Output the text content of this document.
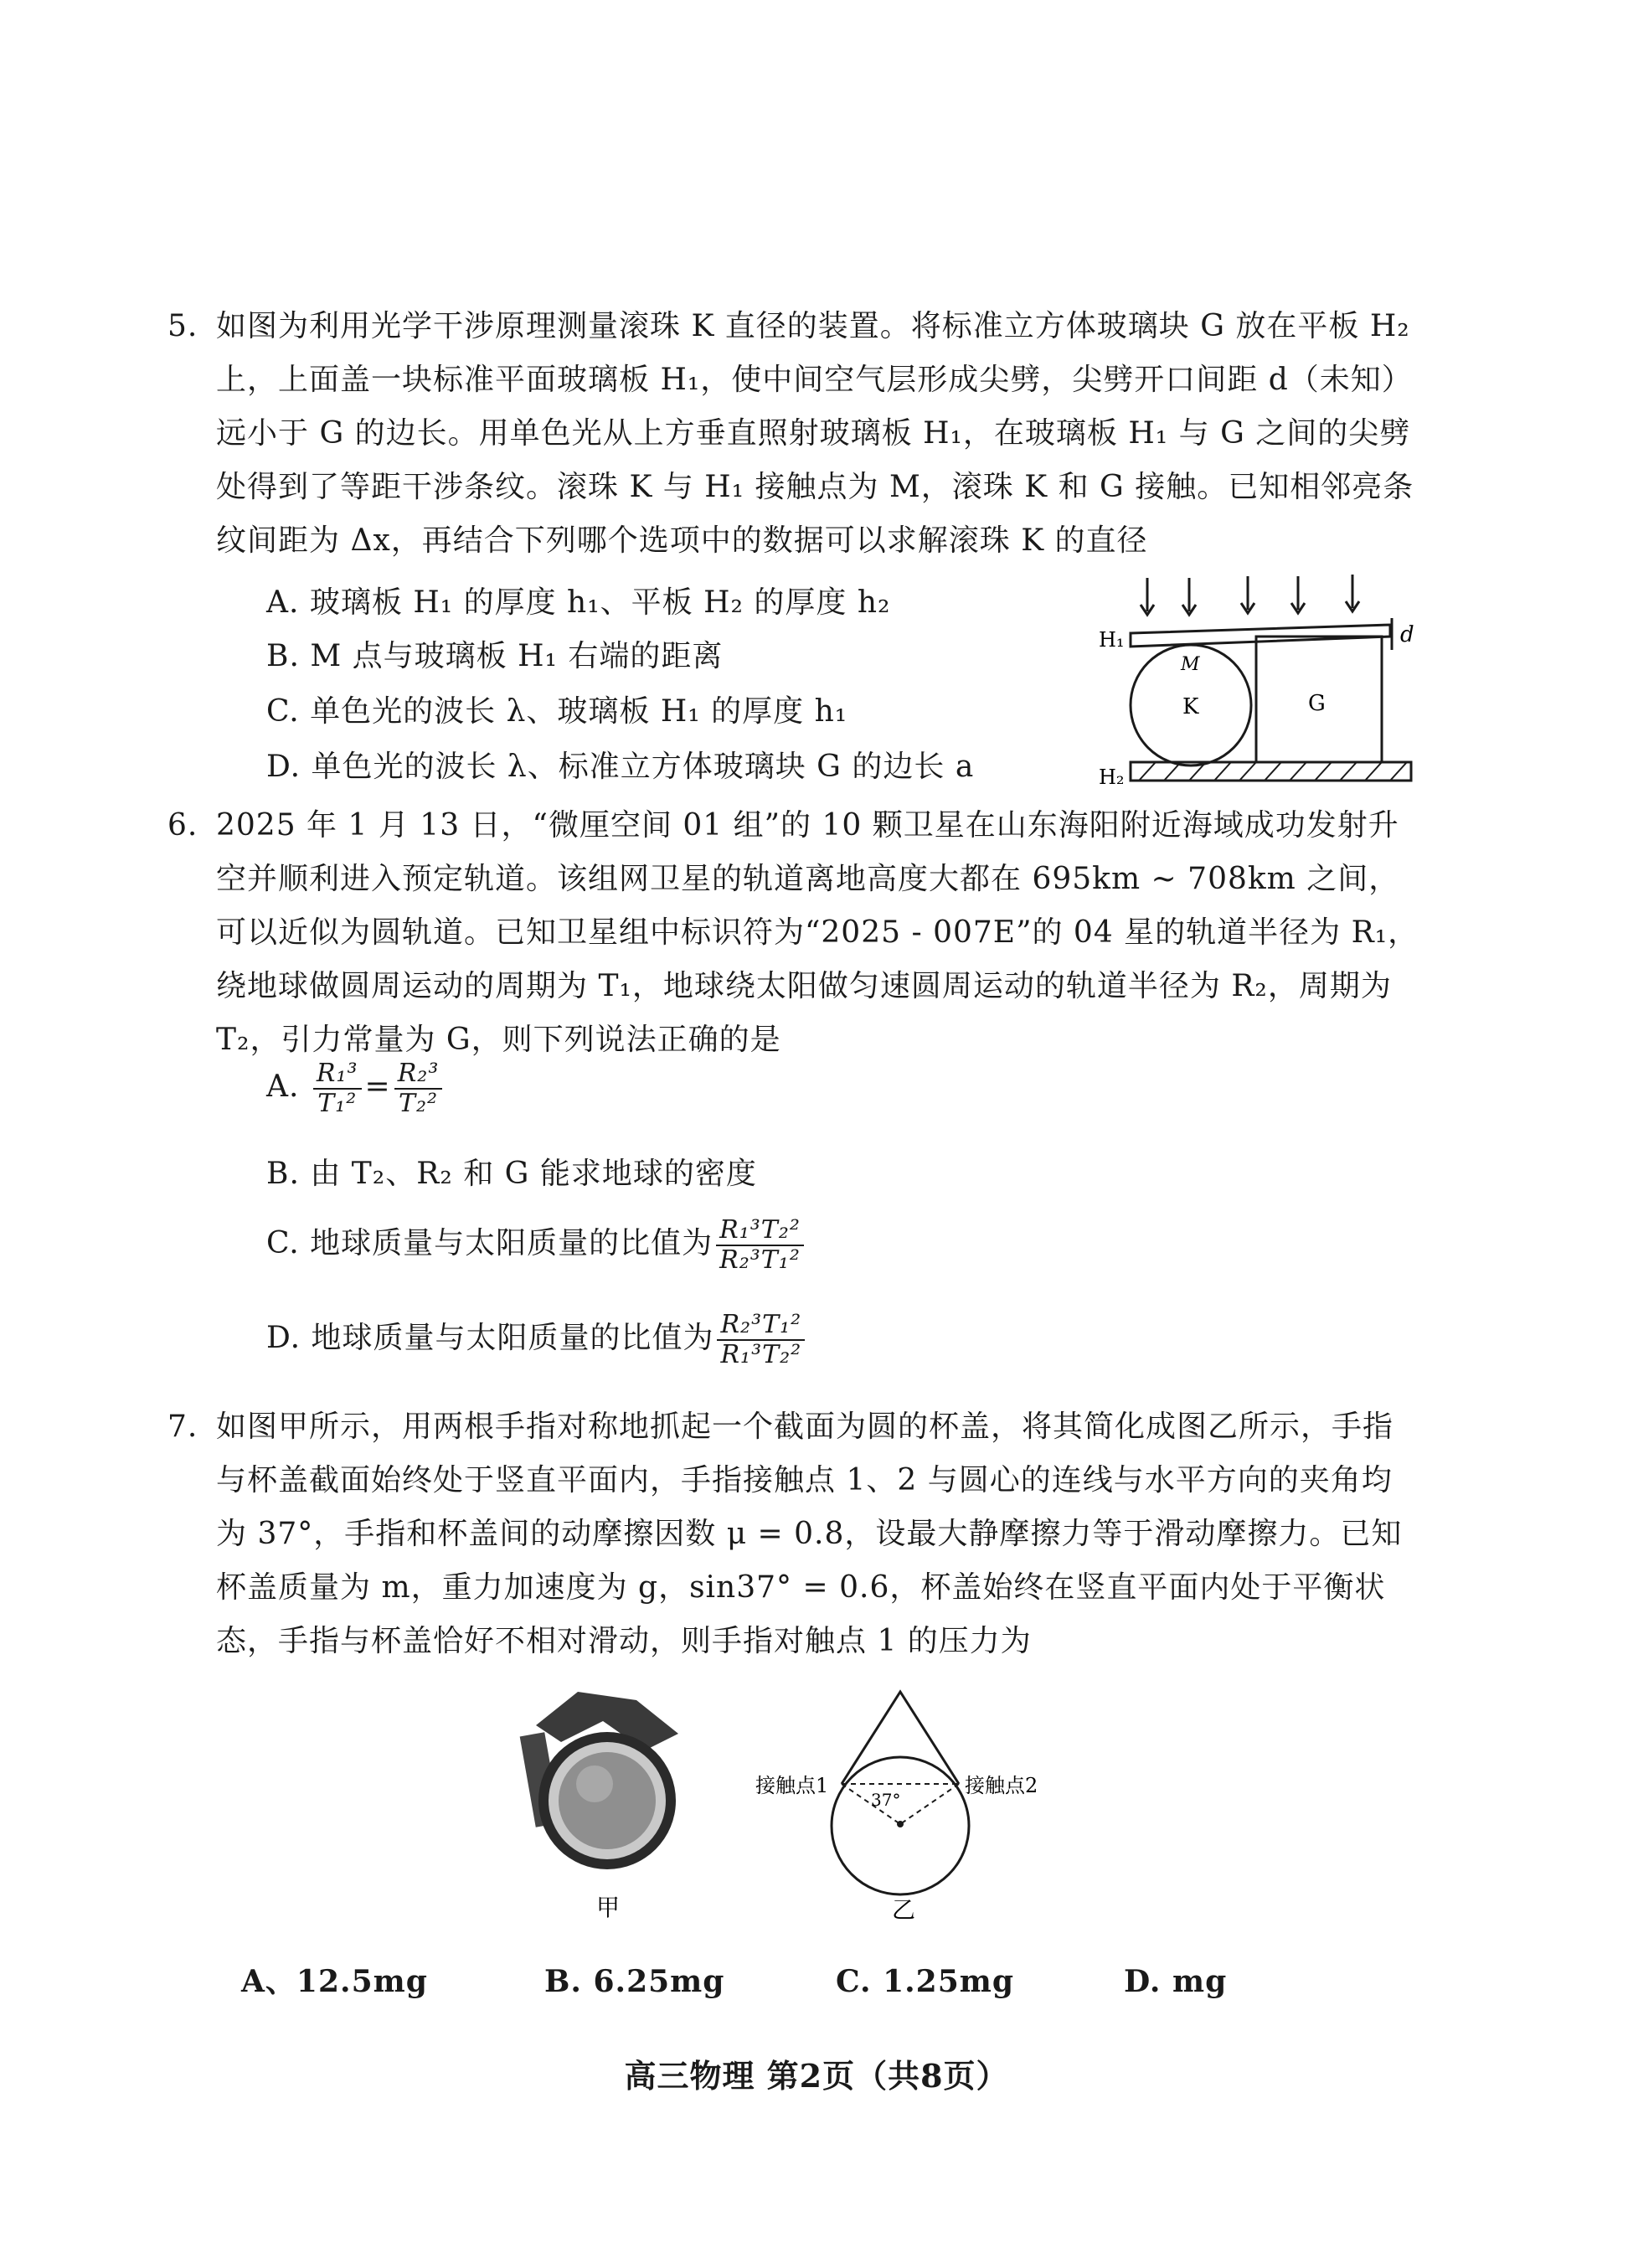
5. 如图为利用光学干涉原理测量滚珠 K 直径的装置。将标准立方体玻璃块 G 放在平板 H₂ 上，上面盖一块标准平面玻璃板 H₁，使中间空气层形成尖劈，尖劈开口间距 d（未知）远小于 G 的边长。用单色光从上方垂直照射玻璃板 H₁，在玻璃板 H₁ 与 G 之间的尖劈处得到了等距干涉条纹。滚珠 K 与 H₁ 接触点为 M，滚珠 K 和 G 接触。已知相邻亮条纹间距为 Δx，再结合下列哪个选项中的数据可以求解滚珠 K 的直径
A. 玻璃板 H₁ 的厚度 h₁、平板 H₂ 的厚度 h₂
B. M 点与玻璃板 H₁ 右端的距离
C. 单色光的波长 λ、玻璃板 H₁ 的厚度 h₁
D. 单色光的波长 λ、标准立方体玻璃块 G 的边长 a
H₁
H₂
M
K	G
d
6. 2025 年 1 月 13 日，“微厘空间 01 组”的 10 颗卫星在山东海阳附近海域成功发射升空并顺利进入预定轨道。该组网卫星的轨道离地高度大都在 695km ~ 708km 之间，可以近似为圆轨道。已知卫星组中标识符为“2025 - 007E”的 04 星的轨道半径为 R₁，绕地球做圆周运动的周期为 T₁，地球绕太阳做匀速圆周运动的轨道半径为 R₂，周期为 T₂，引力常量为 G，则下列说法正确的是
A. $\frac{\text{R₁³}}{\text{T₁²}} = \frac{\text{R₂³}}{\text{T₂²}}$
B. 由 T₂、R₂ 和 G 能求地球的密度
C. 地球质量与太阳质量的比值为 $\frac{\text{R₁³T₂²}}{\text{R₂³T₁²}}$
D. 地球质量与太阳质量的比值为 $\frac{\text{R₂³T₁²}}{\text{R₁³T₂²}}$
7. 如图甲所示，用两根手指对称地抓起一个截面为圆的杯盖，将其简化成图乙所示，手指与杯盖截面始终处于竖直平面内，手指接触点 1、2 与圆心的连线与水平方向的夹角均为 37°，手指和杯盖间的动摩擦因数 μ = 0.8，设最大静摩擦力等于滑动摩擦力。已知杯盖质量为 m，重力加速度为 g，sin37° = 0.6，杯盖始终在竖直平面内处于平衡状态，手指与杯盖恰好不相对滑动，则手指对触点 1 的压力为
甲
接触点1	接触点2
37°
乙
A、12.5mg	B. 6.25mg	C. 1.25mg	D. mg
高三物理 第2页（共8页）
